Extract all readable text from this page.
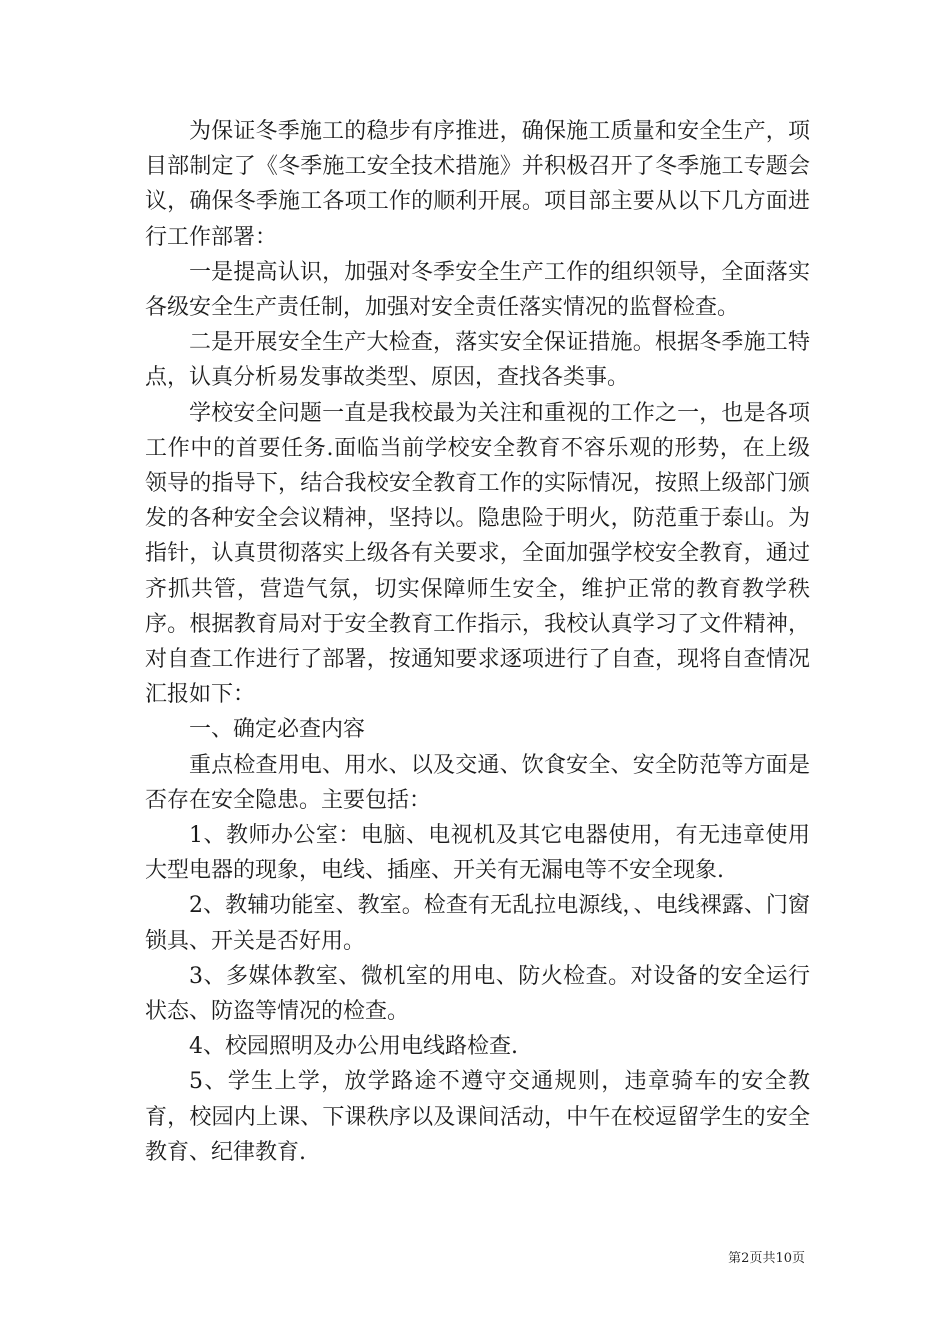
为保证冬季施工的稳步有序推进，确保施工质量和安全生产，项目部制定了《冬季施工安全技术措施》并积极召开了冬季施工专题会议，确保冬季施工各项工作的顺利开展。项目部主要从以下几方面进行工作部署：

一是提高认识，加强对冬季安全生产工作的组织领导，全面落实各级安全生产责任制，加强对安全责任落实情况的监督检查。

二是开展安全生产大检查，落实安全保证措施。根据冬季施工特点，认真分析易发事故类型、原因，查找各类事。

学校安全问题一直是我校最为关注和重视的工作之一，也是各项工作中的首要任务.面临当前学校安全教育不容乐观的形势，在上级领导的指导下，结合我校安全教育工作的实际情况，按照上级部门颁发的各种安全会议精神，坚持以。隐患险于明火，防范重于泰山。为指针，认真贯彻落实上级各有关要求，全面加强学校安全教育，通过齐抓共管，营造气氛，切实保障师生安全，维护正常的教育教学秩序。根据教育局对于安全教育工作指示，我校认真学习了文件精神，对自查工作进行了部署，按通知要求逐项进行了自查，现将自查情况汇报如下：

一、确定必查内容

重点检查用电、用水、以及交通、饮食安全、安全防范等方面是否存在安全隐患。主要包括：

1、教师办公室：电脑、电视机及其它电器使用，有无违章使用大型电器的现象，电线、插座、开关有无漏电等不安全现象.

2、教辅功能室、教室。检查有无乱拉电源线，、电线裸露、门窗锁具、开关是否好用。

3、多媒体教室、微机室的用电、防火检查。对设备的安全运行状态、防盗等情况的检查。

4、校园照明及办公用电线路检查.

5、学生上学，放学路途不遵守交通规则，违章骑车的安全教育，校园内上课、下课秩序以及课间活动，中午在校逗留学生的安全教育、纪律教育.

第2页共10页
